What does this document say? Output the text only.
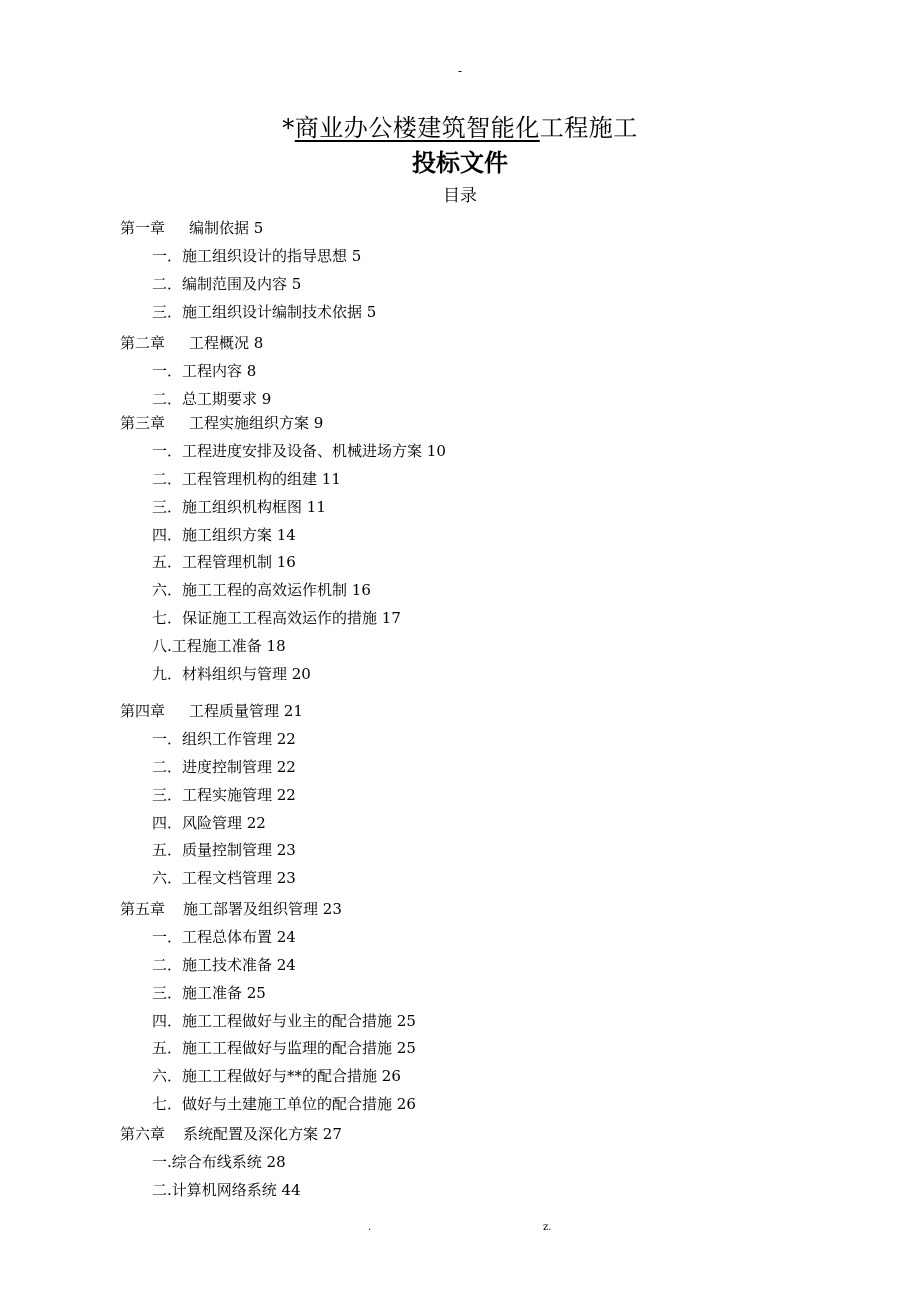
-
*商业办公楼建筑智能化工程施工
投标文件
目录
第一章 编制依据 5
一．施工组织设计的指导思想 5
二．编制范围及内容 5
三．施工组织设计编制技术依据 5
第二章 工程概况 8
一．工程内容 8
二．总工期要求 9
第三章 工程实施组织方案 9
一．工程进度安排及设备、机械进场方案 10
二．工程管理机构的组建 11
三．施工组织机构框图 11
四．施工组织方案 14
五．工程管理机制 16
六．施工工程的高效运作机制 16
七．保证施工工程高效运作的措施 17
八.工程施工准备 18
九．材料组织与管理 20
第四章 工程质量管理 21
一．组织工作管理 22
二．进度控制管理 22
三．工程实施管理 22
四．风险管理 22
五．质量控制管理 23
六．工程文档管理 23
第五章 施工部署及组织管理 23
一．工程总体布置 24
二．施工技术准备 24
三．施工准备 25
四．施工工程做好与业主的配合措施 25
五．施工工程做好与监理的配合措施 25
六．施工工程做好与**的配合措施 26
七．做好与土建施工单位的配合措施 26
第六章 系统配置及深化方案 27
一.综合布线系统 28
二.计算机网络系统 44
.	z.
